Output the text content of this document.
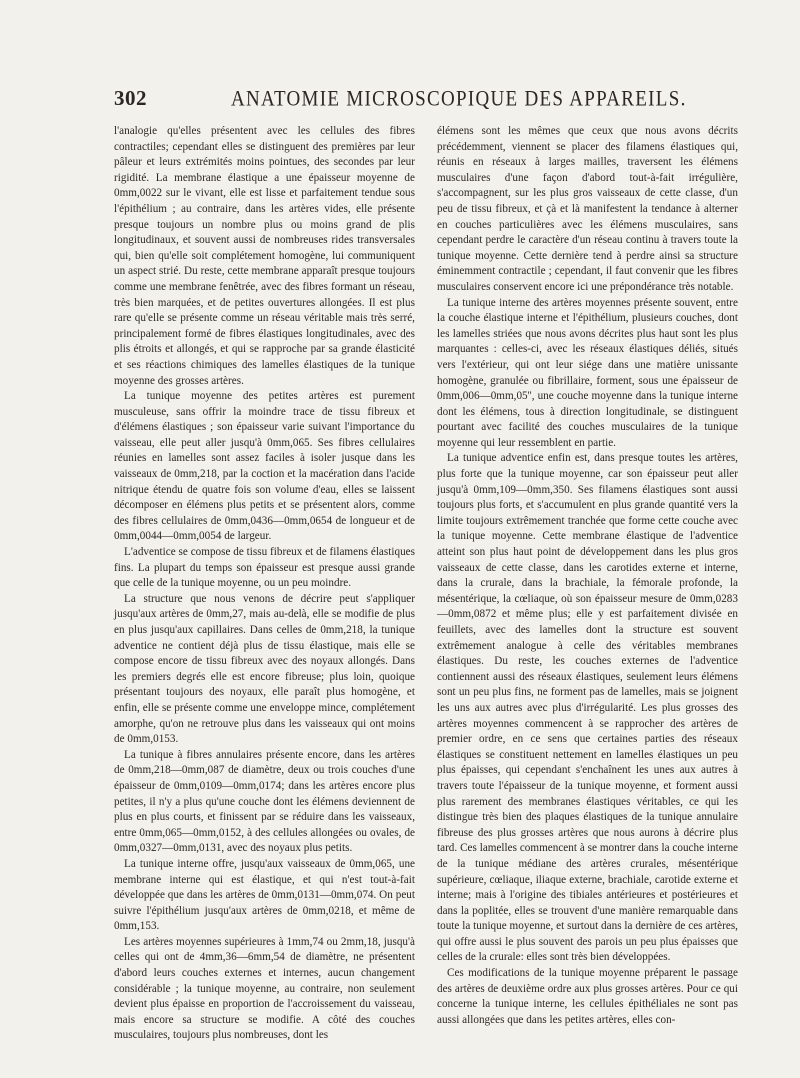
302	ANATOMIE MICROSCOPIQUE DES APPAREILS.

l'analogie qu'elles présentent avec les cellules des fibres contractiles; cependant elles se distinguent des premières par leur pâleur et leurs extrémités moins pointues, des secondes par leur rigidité. La membrane élastique a une épaisseur moyenne de 0mm,0022 sur le vivant, elle est lisse et parfaitement tendue sous l'épithélium ; au contraire, dans les artères vides, elle présente presque toujours un nombre plus ou moins grand de plis longitudinaux, et souvent aussi de nombreuses rides transversales qui, bien qu'elle soit complétement homogène, lui communiquent un aspect strié. Du reste, cette membrane apparaît presque toujours comme une membrane fenêtrée, avec des fibres formant un réseau, très bien marquées, et de petites ouvertures allongées. Il est plus rare qu'elle se présente comme un réseau véritable mais très serré, principalement formé de fibres élastiques longitudinales, avec des plis étroits et allongés, et qui se rapproche par sa grande élasticité et ses réactions chimiques des lamelles élastiques de la tunique moyenne des grosses artères.

La tunique moyenne des petites artères est purement musculeuse, sans offrir la moindre trace de tissu fibreux et d'élémens élastiques ; son épaisseur varie suivant l'importance du vaisseau, elle peut aller jusqu'à 0mm,065. Ses fibres cellulaires réunies en lamelles sont assez faciles à isoler jusque dans les vaisseaux de 0mm,218, par la coction et la macération dans l'acide nitrique étendu de quatre fois son volume d'eau, elles se laissent décomposer en élémens plus petits et se présentent alors, comme des fibres cellulaires de 0mm,0436—0mm,0654 de longueur et de 0mm,0044—0mm,0054 de largeur.

L'adventice se compose de tissu fibreux et de filamens élastiques fins. La plupart du temps son épaisseur est presque aussi grande que celle de la tunique moyenne, ou un peu moindre.

La structure que nous venons de décrire peut s'appliquer jusqu'aux artères de 0mm,27, mais au-delà, elle se modifie de plus en plus jusqu'aux capillaires. Dans celles de 0mm,218, la tunique adventice ne contient déjà plus de tissu élastique, mais elle se compose encore de tissu fibreux avec des noyaux allongés. Dans les premiers degrés elle est encore fibreuse; plus loin, quoique présentant toujours des noyaux, elle paraît plus homogène, et enfin, elle se présente comme une enveloppe mince, complétement amorphe, qu'on ne retrouve plus dans les vaisseaux qui ont moins de 0mm,0153.

La tunique à fibres annulaires présente encore, dans les artères de 0mm,218—0mm,087 de diamètre, deux ou trois couches d'une épaisseur de 0mm,0109—0mm,0174; dans les artères encore plus petites, il n'y a plus qu'une couche dont les élémens deviennent de plus en plus courts, et finissent par se réduire dans les vaisseaux, entre 0mm,065—0mm,0152, à des cellules allongées ou ovales, de 0mm,0327—0mm,0131, avec des noyaux plus petits.

La tunique interne offre, jusqu'aux vaisseaux de 0mm,065, une membrane interne qui est élastique, et qui n'est tout-à-fait développée que dans les artères de 0mm,0131—0mm,074. On peut suivre l'épithélium jusqu'aux artères de 0mm,0218, et même de 0mm,153.

Les artères moyennes supérieures à 1mm,74 ou 2mm,18, jusqu'à celles qui ont de 4mm,36—6mm,54 de diamètre, ne présentent d'abord leurs couches externes et internes, aucun changement considérable ; la tunique moyenne, au contraire, non seulement devient plus épaisse en proportion de l'accroissement du vaisseau, mais encore sa structure se modifie. A côté des couches musculaires, toujours plus nombreuses, dont les

élémens sont les mêmes que ceux que nous avons décrits précédemment, viennent se placer des filamens élastiques qui, réunis en réseaux à larges mailles, traversent les élémens musculaires d'une façon d'abord tout-à-fait irrégulière, s'accompagnent, sur les plus gros vaisseaux de cette classe, d'un peu de tissu fibreux, et çà et là manifestent la tendance à alterner en couches particulières avec les élémens musculaires, sans cependant perdre le caractère d'un réseau continu à travers toute la tunique moyenne. Cette dernière tend à perdre ainsi sa structure éminemment contractile ; cependant, il faut convenir que les fibres musculaires conservent encore ici une prépondérance très notable.

La tunique interne des artères moyennes présente souvent, entre la couche élastique interne et l'épithélium, plusieurs couches, dont les lamelles striées que nous avons décrites plus haut sont les plus marquantes : celles-ci, avec les réseaux élastiques déliés, situés vers l'extérieur, qui ont leur siége dans une matière unissante homogène, granulée ou fibrillaire, forment, sous une épaisseur de 0mm,006—0mm,05'', une couche moyenne dans la tunique interne dont les élémens, tous à direction longitudinale, se distinguent pourtant avec facilité des couches musculaires de la tunique moyenne qui leur ressemblent en partie.

La tunique adventice enfin est, dans presque toutes les artères, plus forte que la tunique moyenne, car son épaisseur peut aller jusqu'à 0mm,109—0mm,350. Ses filamens élastiques sont aussi toujours plus forts, et s'accumulent en plus grande quantité vers la limite toujours extrêmement tranchée que forme cette couche avec la tunique moyenne. Cette membrane élastique de l'adventice atteint son plus haut point de développement dans les plus gros vaisseaux de cette classe, dans les carotides externe et interne, dans la crurale, dans la brachiale, la fémorale profonde, la mésentérique, la cœliaque, où son épaisseur mesure de 0mm,0283—0mm,0872 et même plus; elle y est parfaitement divisée en feuillets, avec des lamelles dont la structure est souvent extrêmement analogue à celle des véritables membranes élastiques. Du reste, les couches externes de l'adventice contiennent aussi des réseaux élastiques, seulement leurs élémens sont un peu plus fins, ne forment pas de lamelles, mais se joignent les uns aux autres avec plus d'irrégularité. Les plus grosses des artères moyennes commencent à se rapprocher des artères de premier ordre, en ce sens que certaines parties des réseaux élastiques se constituent nettement en lamelles élastiques un peu plus épaisses, qui cependant s'enchaînent les unes aux autres à travers toute l'épaisseur de la tunique moyenne, et forment aussi plus rarement des membranes élastiques véritables, ce qui les distingue très bien des plaques élastiques de la tunique annulaire fibreuse des plus grosses artères que nous aurons à décrire plus tard. Ces lamelles commencent à se montrer dans la couche interne de la tunique médiane des artères crurales, mésentérique supérieure, cœliaque, iliaque externe, brachiale, carotide externe et interne; mais à l'origine des tibiales antérieures et postérieures et dans la poplitée, elles se trouvent d'une manière remarquable dans toute la tunique moyenne, et surtout dans la dernière de ces artères, qui offre aussi le plus souvent des parois un peu plus épaisses que celles de la crurale: elles sont très bien développées.

Ces modifications de la tunique moyenne préparent le passage des artères de deuxième ordre aux plus grosses artères. Pour ce qui concerne la tunique interne, les cellules épithéliales ne sont pas aussi allongées que dans les petites artères, elles con-
